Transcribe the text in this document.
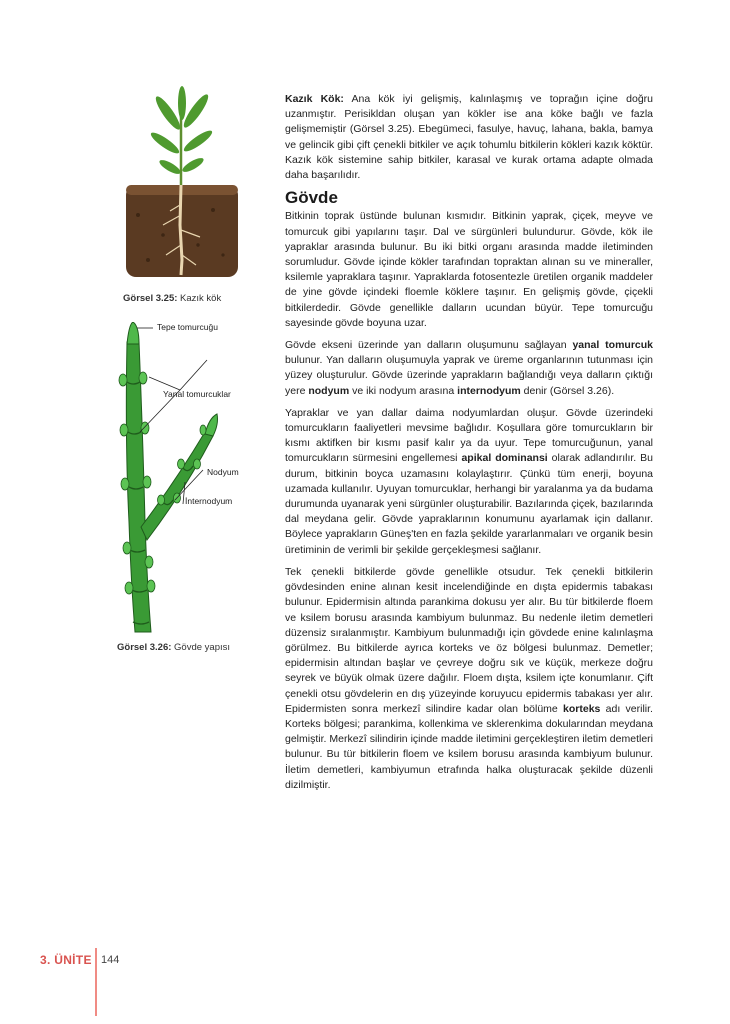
Görsel 3.25: Kazık kök
Tepe tomurcuğu
Yanal tomurcuklar
Nodyum
İnternodyum
Görsel 3.26: Gövde yapısı

Kazık Kök: Ana kök iyi gelişmiş, kalınlaşmış ve toprağın içine doğru uzanmıştır. Perisikldan oluşan yan kökler ise ana köke bağlı ve fazla gelişmemiştir (Görsel 3.25). Ebegümeci, fasulye, havuç, lahana, bakla, bamya ve gelincik gibi çift çenekli bitkiler ve açık tohumlu bitkilerin kökleri kazık köktür. Kazık kök sistemine sahip bitkiler, karasal ve kurak ortama adapte olmada daha başarılıdır.

Gövde

Bitkinin toprak üstünde bulunan kısmıdır. Bitkinin yaprak, çiçek, meyve ve tomurcuk gibi yapılarını taşır. Dal ve sürgünleri bulundurur. Gövde, kök ile yapraklar arasında bulunur. Bu iki bitki organı arasında madde iletiminden sorumludur. Gövde içinde kökler tarafından topraktan alınan su ve mineraller, ksilemle yapraklara taşınır. Yapraklarda fotosentezle üretilen organik maddeler de yine gövde içindeki floemle köklere taşınır. En gelişmiş gövde, çiçekli bitkilerdedir. Gövde genellikle dalların ucundan büyür. Tepe tomurcuğu sayesinde gövde boyuna uzar.

Gövde ekseni üzerinde yan dalların oluşumunu sağlayan yanal tomurcuk bulunur. Yan dalların oluşumuyla yaprak ve üreme organlarının tutunması için yüzey oluşturulur. Gövde üzerinde yaprakların bağlandığı veya dalların çıktığı yere nodyum ve iki nodyum arasına internodyum denir (Görsel 3.26).

Yapraklar ve yan dallar daima nodyumlardan oluşur. Gövde üzerindeki tomurcukların faaliyetleri mevsime bağlıdır. Koşullara göre tomurcukların bir kısmı aktifken bir kısmı pasif kalır ya da uyur. Tepe tomurcuğunun, yanal tomurcukların sürmesini engellemesi apikal dominansi olarak adlandırılır. Bu durum, bitkinin boyca uzamasını kolaylaştırır. Çünkü tüm enerji, boyuna uzamada kullanılır. Uyuyan tomurcuklar, herhangi bir yaralanma ya da budama durumunda uyanarak yeni sürgünler oluşturabilir. Bazılarında çiçek, bazılarında dal meydana gelir. Gövde yapraklarının konumunu ayarlamak için dallanır. Böylece yaprakların Güneş'ten en fazla şekilde yararlanmaları ve organik besin üretiminin de verimli bir şekilde gerçekleşmesi sağlanır.

Tek çenekli bitkilerde gövde genellikle otsudur. Tek çenekli bitkilerin gövdesinden enine alınan kesit incelendiğinde en dışta epidermis tabakası bulunur. Epidermisin altında parankima dokusu yer alır. Bu tür bitkilerde floem ve ksilem borusu arasında kambiyum bulunmaz. Bu nedenle iletim demetleri düzensiz sıralanmıştır. Kambiyum bulunmadığı için gövdede enine kalınlaşma görülmez. Bu bitkilerde ayrıca korteks ve öz bölgesi bulunmaz. Demetler; epidermisin altından başlar ve çevreye doğru sık ve küçük, merkeze doğru seyrek ve büyük olmak üzere dağılır. Floem dışta, ksilem içte konumlanır. Çift çenekli otsu gövdelerin en dış yüzeyinde koruyucu epidermis tabakası yer alır. Epidermisten sonra merkezî silindire kadar olan bölüme korteks adı verilir. Korteks bölgesi; parankima, kollenkima ve sklerenkima dokularından meydana gelmiştir. Merkezî silindirin içinde madde iletimini gerçekleştiren iletim demetleri bulunur. Bu tür bitkilerin floem ve ksilem borusu arasında kambiyum bulunur. İletim demetleri, kambiyumun etrafında halka oluşturacak şekilde düzenli dizilmiştir.

3. ÜNİTE 144
